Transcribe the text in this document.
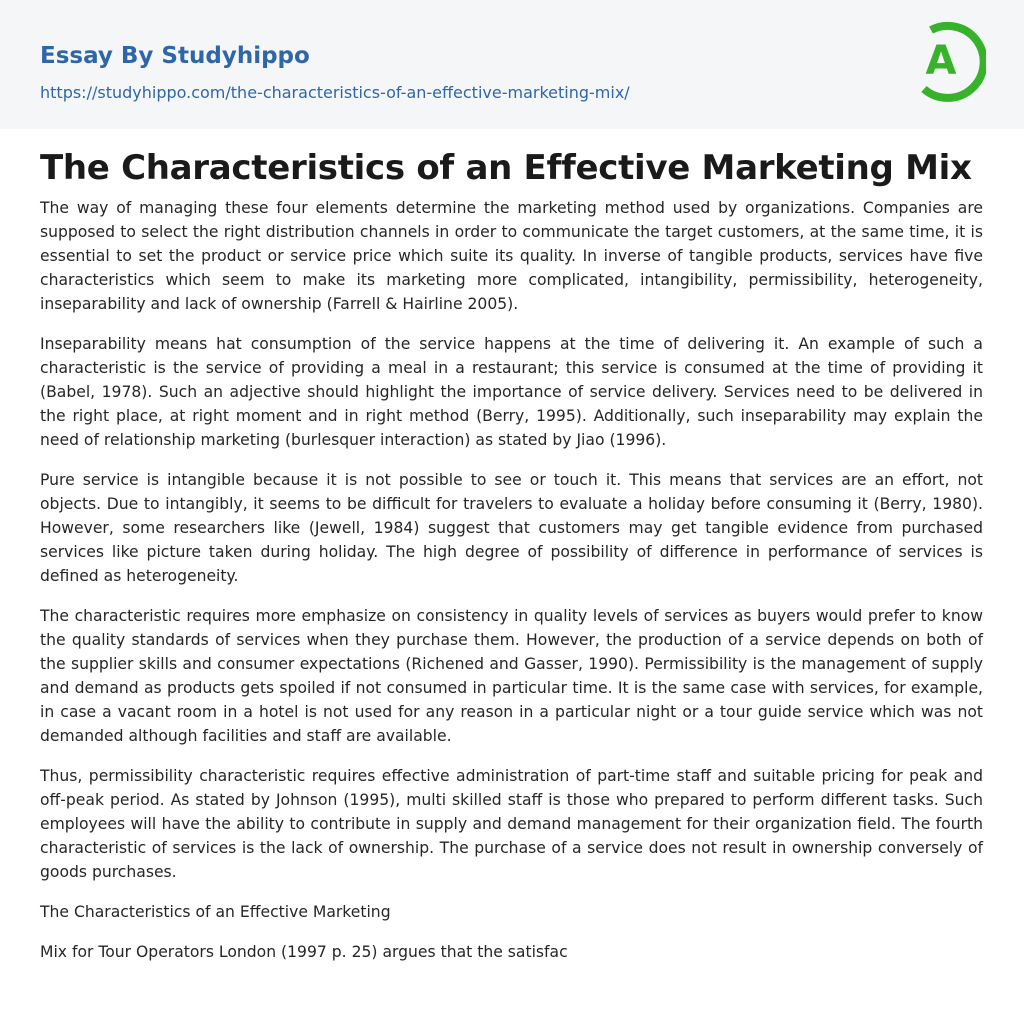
Essay By Studyhippo
https://studyhippo.com/the-characteristics-of-an-effective-marketing-mix/
A
The Characteristics of an Effective Marketing Mix

The way of managing these four elements determine the marketing method used by organizations. Companies are supposed to select the right distribution channels in order to communicate the target customers, at the same time, it is essential to set the product or service price which suite its quality. In inverse of tangible products, services have five characteristics which seem to make its marketing more complicated, intangibility, permissibility, heterogeneity, inseparability and lack of ownership (Farrell & Hairline 2005).

Inseparability means hat consumption of the service happens at the time of delivering it. An example of such a characteristic is the service of providing a meal in a restaurant; this service is consumed at the time of providing it (Babel, 1978). Such an adjective should highlight the importance of service delivery. Services need to be delivered in the right place, at right moment and in right method (Berry, 1995). Additionally, such inseparability may explain the need of relationship marketing (burlesquer interaction) as stated by Jiao (1996).

Pure service is intangible because it is not possible to see or touch it. This means that services are an effort, not objects. Due to intangibly, it seems to be difficult for travelers to evaluate a holiday before consuming it (Berry, 1980). However, some researchers like (Jewell, 1984) suggest that customers may get tangible evidence from purchased services like picture taken during holiday. The high degree of possibility of difference in performance of services is defined as heterogeneity.

The characteristic requires more emphasize on consistency in quality levels of services as buyers would prefer to know the quality standards of services when they purchase them. However, the production of a service depends on both of the supplier skills and consumer expectations (Richened and Gasser, 1990). Permissibility is the management of supply and demand as products gets spoiled if not consumed in particular time. It is the same case with services, for example, in case a vacant room in a hotel is not used for any reason in a particular night or a tour guide service which was not demanded although facilities and staff are available.

Thus, permissibility characteristic requires effective administration of part-time staff and suitable pricing for peak and off-peak period. As stated by Johnson (1995), multi skilled staff is those who prepared to perform different tasks. Such employees will have the ability to contribute in supply and demand management for their organization field. The fourth characteristic of services is the lack of ownership. The purchase of a service does not result in ownership conversely of goods purchases.

The Characteristics of an Effective Marketing

Mix for Tour Operators London (1997 p. 25) argues that the satisfac
